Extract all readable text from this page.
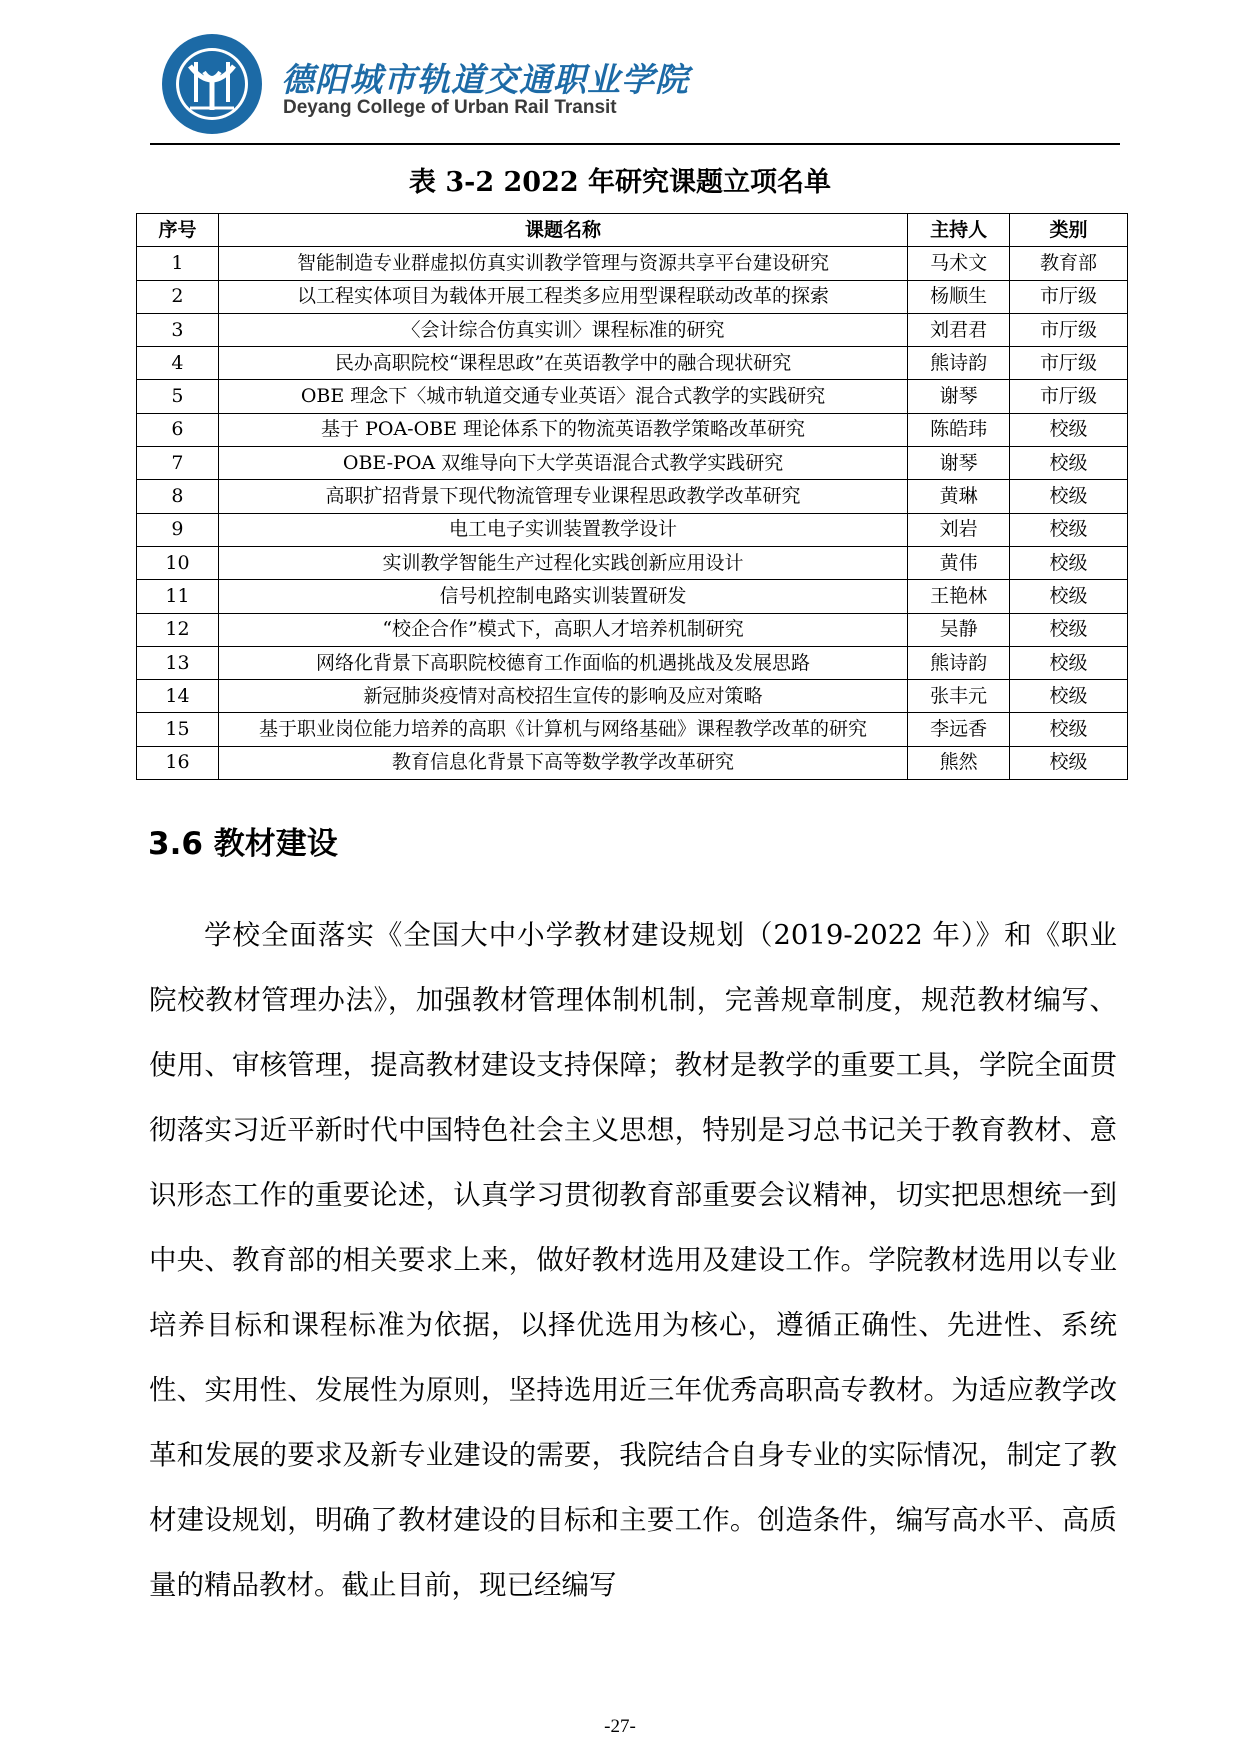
德阳城市轨道交通职业学院
Deyang College of Urban Rail Transit
表 3-2 2022 年研究课题立项名单
序号	课题名称	主持人	类别
1	智能制造专业群虚拟仿真实训教学管理与资源共享平台建设研究	马术文	教育部
2	以工程实体项目为载体开展工程类多应用型课程联动改革的探索	杨顺生	市厅级
3	〈会计综合仿真实训〉课程标准的研究	刘君君	市厅级
4	民办高职院校“课程思政”在英语教学中的融合现状研究	熊诗韵	市厅级
5	OBE 理念下〈城市轨道交通专业英语〉混合式教学的实践研究	谢琴	市厅级
6	基于 POA-OBE 理论体系下的物流英语教学策略改革研究	陈皓玮	校级
7	OBE-POA 双维导向下大学英语混合式教学实践研究	谢琴	校级
8	高职扩招背景下现代物流管理专业课程思政教学改革研究	黄琳	校级
9	电工电子实训装置教学设计	刘岩	校级
10	实训教学智能生产过程化实践创新应用设计	黄伟	校级
11	信号机控制电路实训装置研发	王艳林	校级
12	“校企合作”模式下，高职人才培养机制研究	吴静	校级
13	网络化背景下高职院校德育工作面临的机遇挑战及发展思路	熊诗韵	校级
14	新冠肺炎疫情对高校招生宣传的影响及应对策略	张丰元	校级
15	基于职业岗位能力培养的高职《计算机与网络基础》课程教学改革的研究	李远香	校级
16	教育信息化背景下高等数学教学改革研究	熊然	校级
3.6 教材建设
学校全面落实《全国大中小学教材建设规划（2019-2022 年）》和《职业院校教材管理办法》，加强教材管理体制机制，完善规章制度，规范教材编写、使用、审核管理，提高教材建设支持保障；教材是教学的重要工具，学院全面贯彻落实习近平新时代中国特色社会主义思想，特别是习总书记关于教育教材、意识形态工作的重要论述，认真学习贯彻教育部重要会议精神，切实把思想统一到中央、教育部的相关要求上来，做好教材选用及建设工作。学院教材选用以专业培养目标和课程标准为依据，以择优选用为核心，遵循正确性、先进性、系统性、实用性、发展性为原则，坚持选用近三年优秀高职高专教材。为适应教学改革和发展的要求及新专业建设的需要，我院结合自身专业的实际情况，制定了教材建设规划，明确了教材建设的目标和主要工作。创造条件，编写高水平、高质量的精品教材。截止目前，现已经编写
-27-
